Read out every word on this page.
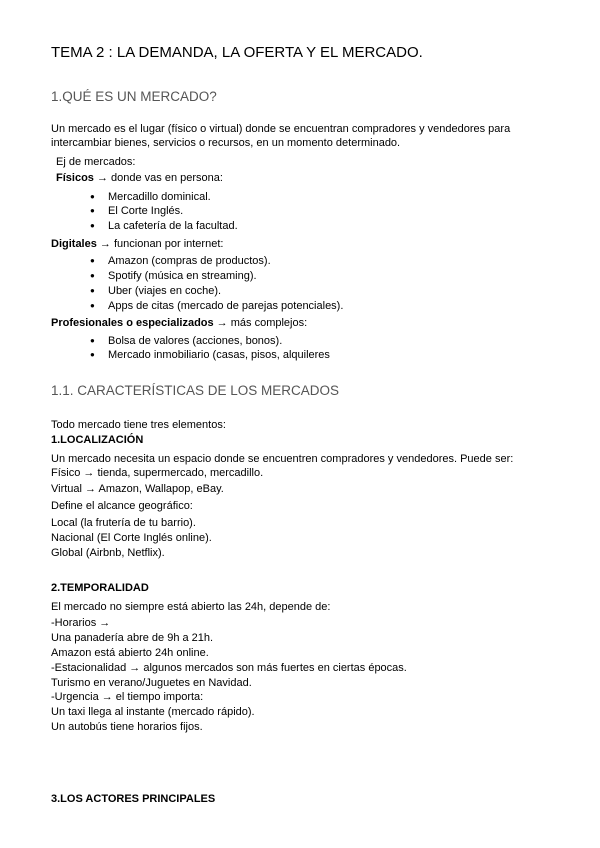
TEMA 2 : LA DEMANDA, LA OFERTA Y EL MERCADO.
1.QUÉ ES UN MERCADO?
Un mercado es el lugar (físico o virtual) donde se encuentran compradores y vendedores para
intercambiar bienes, servicios o recursos, en un momento determinado.
Ej de mercados:
Físicos → donde vas en persona:
● Mercadillo dominical.
● El Corte Inglés.
● La cafetería de la facultad.
Digitales → funcionan por internet:
● Amazon (compras de productos).
● Spotify (música en streaming).
● Uber (viajes en coche).
● Apps de citas (mercado de parejas potenciales).
Profesionales o especializados → más complejos:
● Bolsa de valores (acciones, bonos).
● Mercado inmobiliario (casas, pisos, alquileres
1.1. CARACTERÍSTICAS DE LOS MERCADOS
Todo mercado tiene tres elementos:
1.LOCALIZACIÓN
Un mercado necesita un espacio donde se encuentren compradores y vendedores. Puede ser:
Físico → tienda, supermercado, mercadillo.
Virtual → Amazon, Wallapop, eBay.
Define el alcance geográfico:
Local (la frutería de tu barrio).
Nacional (El Corte Inglés online).
Global (Airbnb, Netflix).
2.TEMPORALIDAD
El mercado no siempre está abierto las 24h, depende de:
-Horarios →
Una panadería abre de 9h a 21h.
Amazon está abierto 24h online.
-Estacionalidad → algunos mercados son más fuertes en ciertas épocas.
Turismo en verano/Juguetes en Navidad.
-Urgencia → el tiempo importa:
Un taxi llega al instante (mercado rápido).
Un autobús tiene horarios fijos.
3.LOS ACTORES PRINCIPALES
